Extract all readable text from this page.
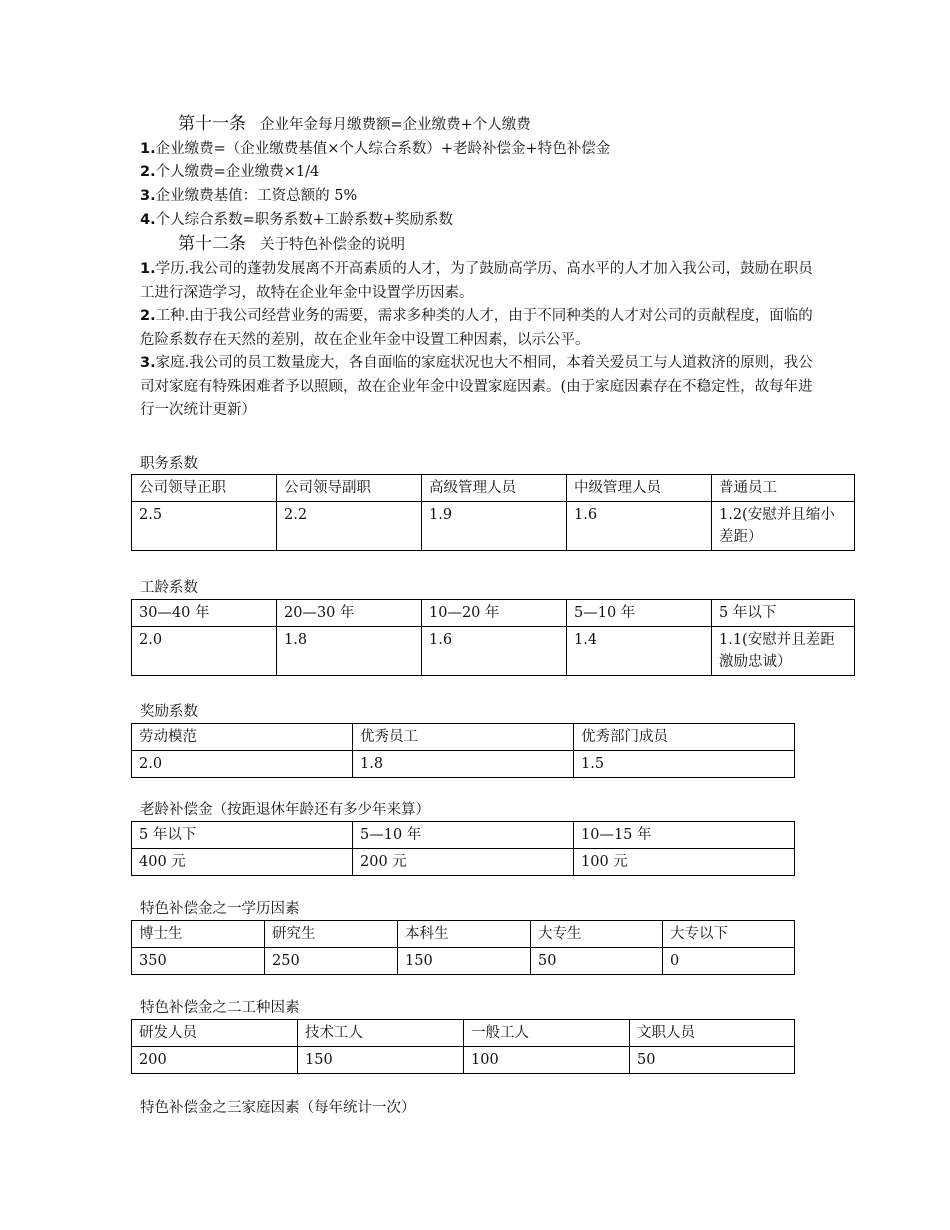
第十一条 企业年金每月缴费额=企业缴费+个人缴费
1.企业缴费=（企业缴费基值×个人综合系数）+老龄补偿金+特色补偿金
2.个人缴费=企业缴费×1/4
3.企业缴费基值：工资总额的 5%
4.个人综合系数=职务系数+工龄系数+奖励系数
第十二条 关于特色补偿金的说明
1.学历.我公司的蓬勃发展离不开高素质的人才，为了鼓励高学历、高水平的人才加入我公司，鼓励在职员工进行深造学习，故特在企业年金中设置学历因素。
2.工种.由于我公司经营业务的需要，需求多种类的人才，由于不同种类的人才对公司的贡献程度，面临的危险系数存在天然的差别，故在企业年金中设置工种因素，以示公平。
3.家庭.我公司的员工数量庞大，各自面临的家庭状况也大不相同，本着关爱员工与人道救济的原则，我公司对家庭有特殊困难者予以照顾，故在企业年金中设置家庭因素。(由于家庭因素存在不稳定性，故每年进行一次统计更新）
职务系数
公司领导正职	公司领导副职	高级管理人员	中级管理人员	普通员工
2.5	2.2	1.9	1.6	1.2(安慰并且缩小差距）
工龄系数
30—40 年	20—30 年	10—20 年	5—10 年	5 年以下
2.0	1.8	1.6	1.4	1.1(安慰并且差距激励忠诚）
奖励系数
劳动模范	优秀员工	优秀部门成员
2.0	1.8	1.5
老龄补偿金（按距退休年龄还有多少年来算）
5 年以下	5—10 年	10—15 年
400 元	200 元	100 元
特色补偿金之一学历因素
博士生	研究生	本科生	大专生	大专以下
350	250	150	50	0
特色补偿金之二工种因素
研发人员	技术工人	一般工人	文职人员
200	150	100	50
特色补偿金之三家庭因素（每年统计一次）
